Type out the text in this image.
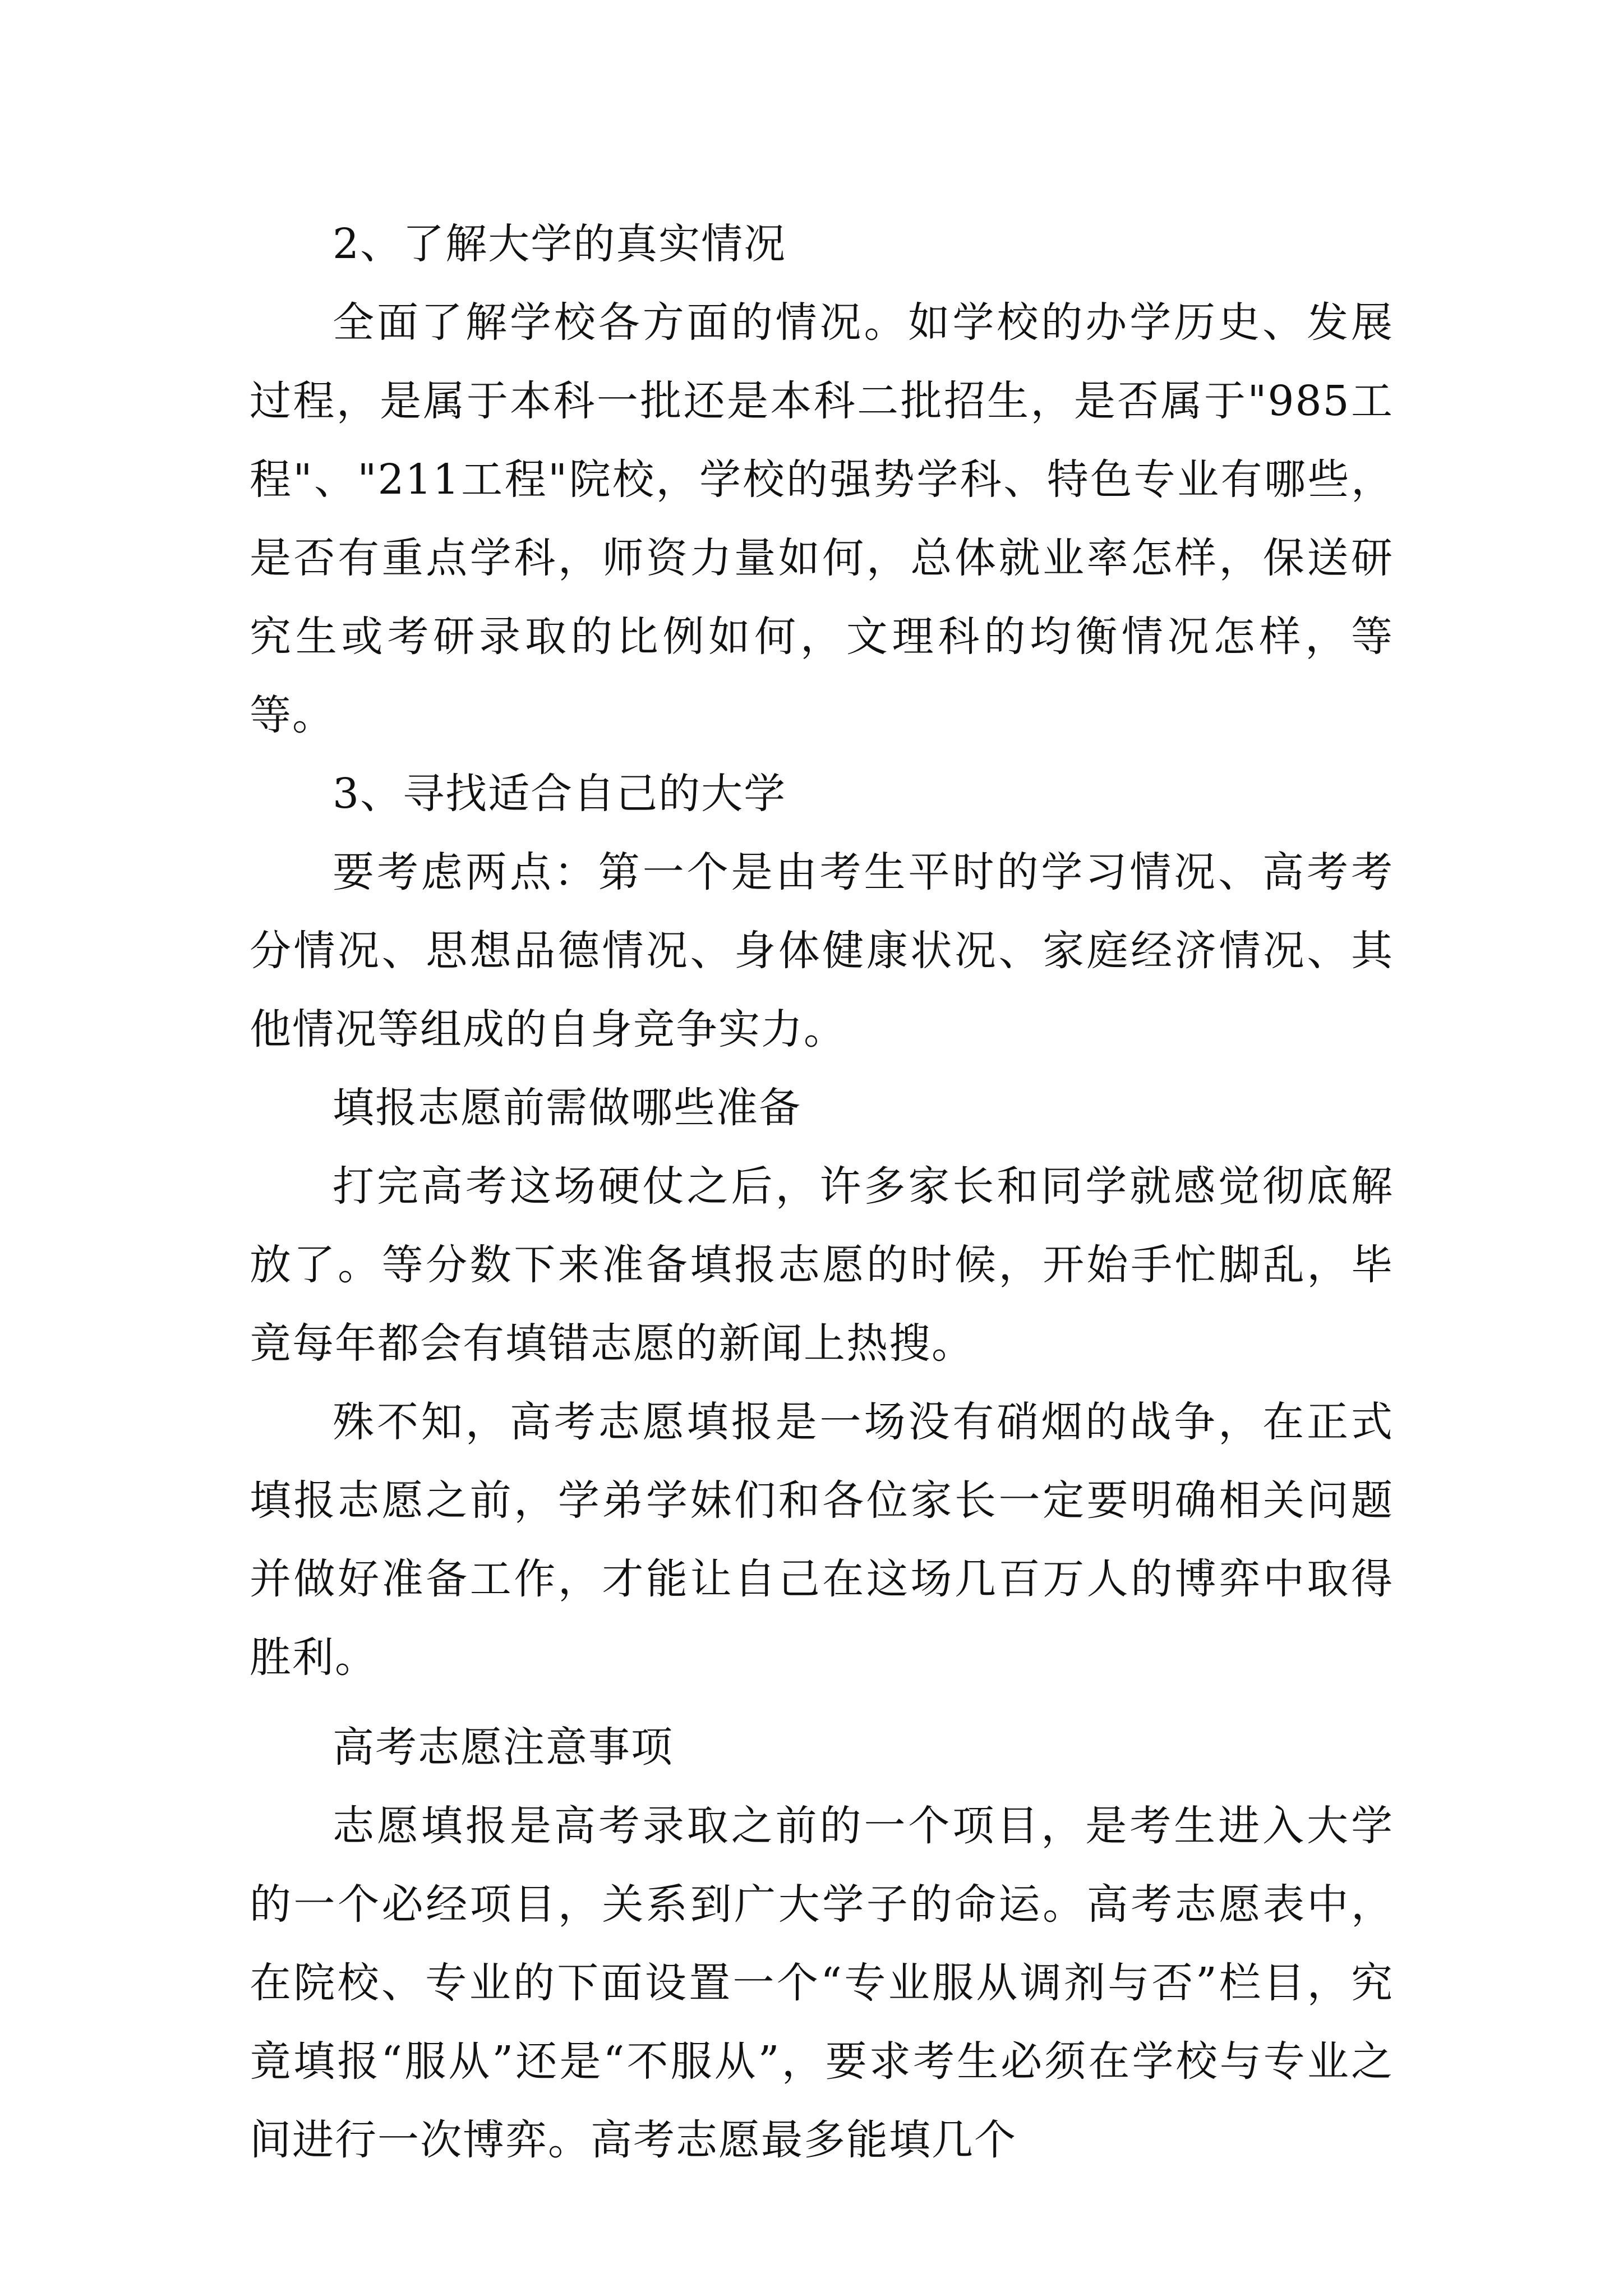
2、了解大学的真实情况

全面了解学校各方面的情况。如学校的办学历史、发展过程，是属于本科一批还是本科二批招生，是否属于"985工程"、"211工程"院校，学校的强势学科、特色专业有哪些，是否有重点学科，师资力量如何，总体就业率怎样，保送研究生或考研录取的比例如何，文理科的均衡情况怎样，等等。

3、寻找适合自己的大学

要考虑两点：第一个是由考生平时的学习情况、高考考分情况、思想品德情况、身体健康状况、家庭经济情况、其他情况等组成的自身竞争实力。

填报志愿前需做哪些准备

打完高考这场硬仗之后，许多家长和同学就感觉彻底解放了。等分数下来准备填报志愿的时候，开始手忙脚乱，毕竟每年都会有填错志愿的新闻上热搜。

殊不知，高考志愿填报是一场没有硝烟的战争，在正式填报志愿之前，学弟学妹们和各位家长一定要明确相关问题并做好准备工作，才能让自己在这场几百万人的博弈中取得胜利。

高考志愿注意事项

志愿填报是高考录取之前的一个项目，是考生进入大学的一个必经项目，关系到广大学子的命运。高考志愿表中，在院校、专业的下面设置一个“专业服从调剂与否”栏目，究竟填报“服从”还是“不服从”，要求考生必须在学校与专业之间进行一次博弈。高考志愿最多能填几个
